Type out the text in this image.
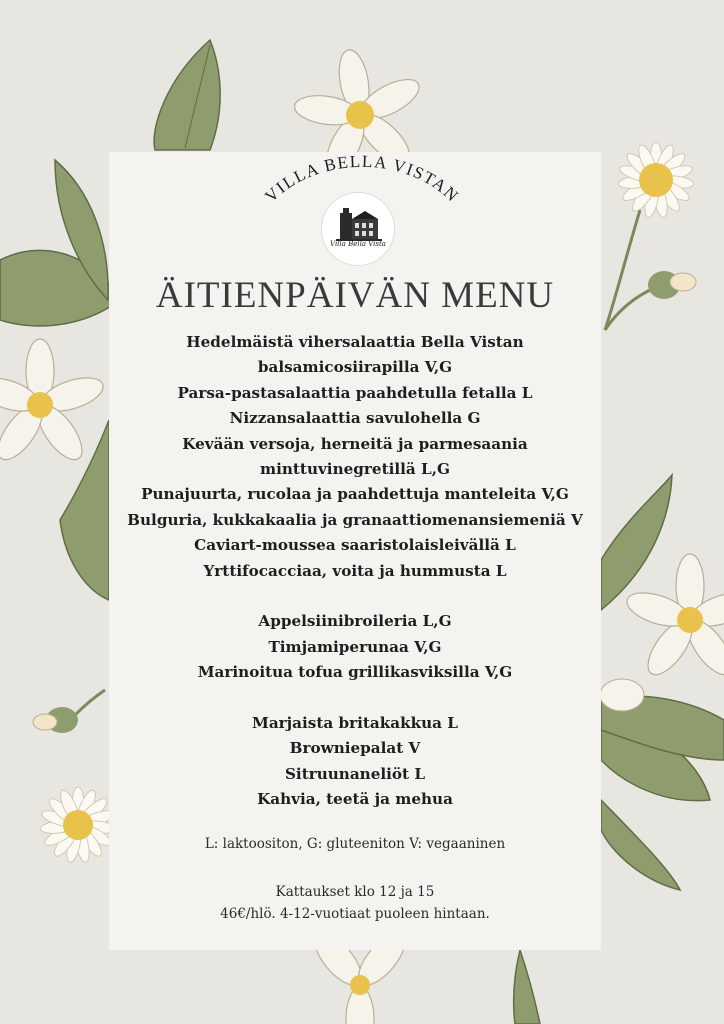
VILLA BELLA VISTAN
Villa Bella Vista
ÄITIENPÄIVÄN MENU
Hedelmäistä vihersalaattia Bella Vistan
balsamicosiirapilla V,G
Parsa-pastasalaattia paahdetulla fetalla L
Nizzansalaattia savulohella G
Kevään versoja, herneitä ja parmesaania
minttuvinegretillä L,G
Punajuurta, rucolaa ja paahdettuja manteleita V,G
Bulguria, kukkakaalia ja granaattiomenansiemeniä V
Caviart-moussea saaristolaisleivällä L
Yrttifocacciaa, voita ja hummusta L
Appelsiinibroileria L,G
Timjamiperunaa V,G
Marinoitua tofua grillikasviksilla V,G
Marjaista britakakkua L
Browniepalat V
Sitruunaneliöt L
Kahvia, teetä ja mehua
L: laktoositon, G: gluteeniton V: vegaaninen
Kattaukset klo 12 ja 15
46€/hlö. 4-12-vuotiaat puoleen hintaan.
